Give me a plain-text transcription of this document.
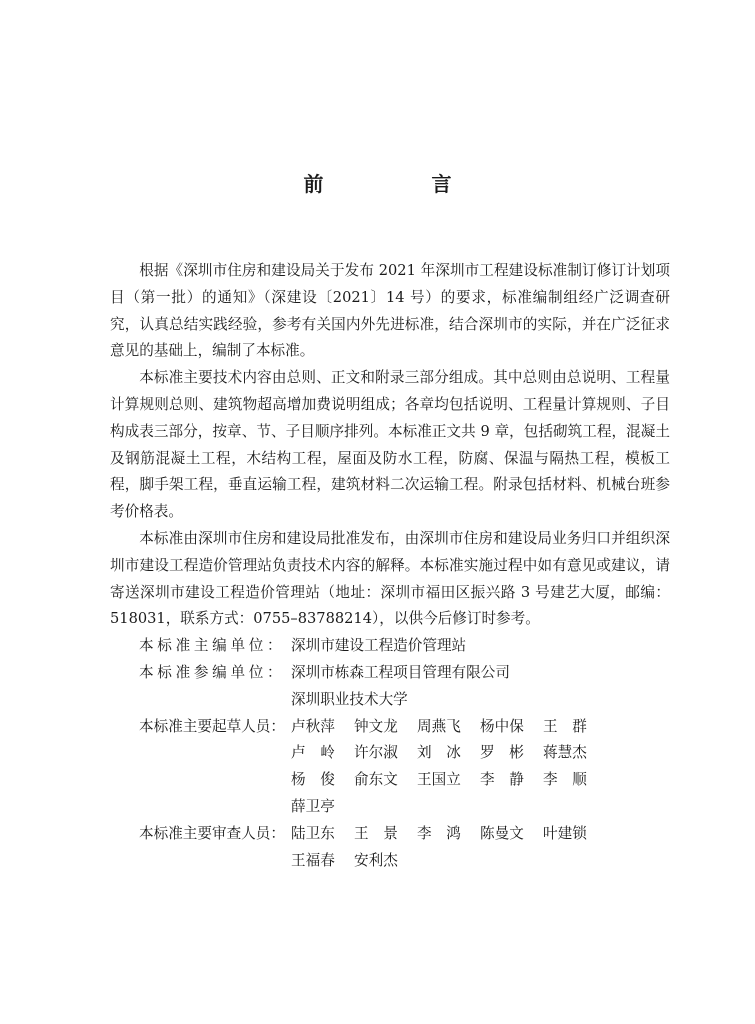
前　言

根据《深圳市住房和建设局关于发布 2021 年深圳市工程建设标准制订修订计划项目（第一批）的通知》（深建设〔2021〕14 号）的要求，标准编制组经广泛调查研究，认真总结实践经验，参考有关国内外先进标准，结合深圳市的实际，并在广泛征求意见的基础上，编制了本标准。

本标准主要技术内容由总则、正文和附录三部分组成。其中总则由总说明、工程量计算规则总则、建筑物超高增加费说明组成；各章均包括说明、工程量计算规则、子目构成表三部分，按章、节、子目顺序排列。本标准正文共 9 章，包括砌筑工程，混凝土及钢筋混凝土工程，木结构工程，屋面及防水工程，防腐、保温与隔热工程，模板工程，脚手架工程，垂直运输工程，建筑材料二次运输工程。附录包括材料、机械台班参考价格表。

本标准由深圳市住房和建设局批准发布，由深圳市住房和建设局业务归口并组织深圳市建设工程造价管理站负责技术内容的解释。本标准实施过程中如有意见或建议，请寄送深圳市建设工程造价管理站（地址：深圳市福田区振兴路 3 号建艺大厦，邮编：518031，联系方式：0755–83788214），以供今后修订时参考。

本标准主编单位： 深圳市建设工程造价管理站
本标准参编单位： 深圳市栋森工程项目管理有限公司
深圳职业技术大学
本标准主要起草人员： 卢秋萍	钟文龙	周燕飞	杨中保	王　群
卢　岭	许尔淑	刘　冰	罗　彬	蒋慧杰
杨　俊	俞东文	王国立	李　静	李　顺
薛卫亭
本标准主要审查人员： 陆卫东	王　景	李　鸿	陈曼文	叶建锁
王福春	安利杰
